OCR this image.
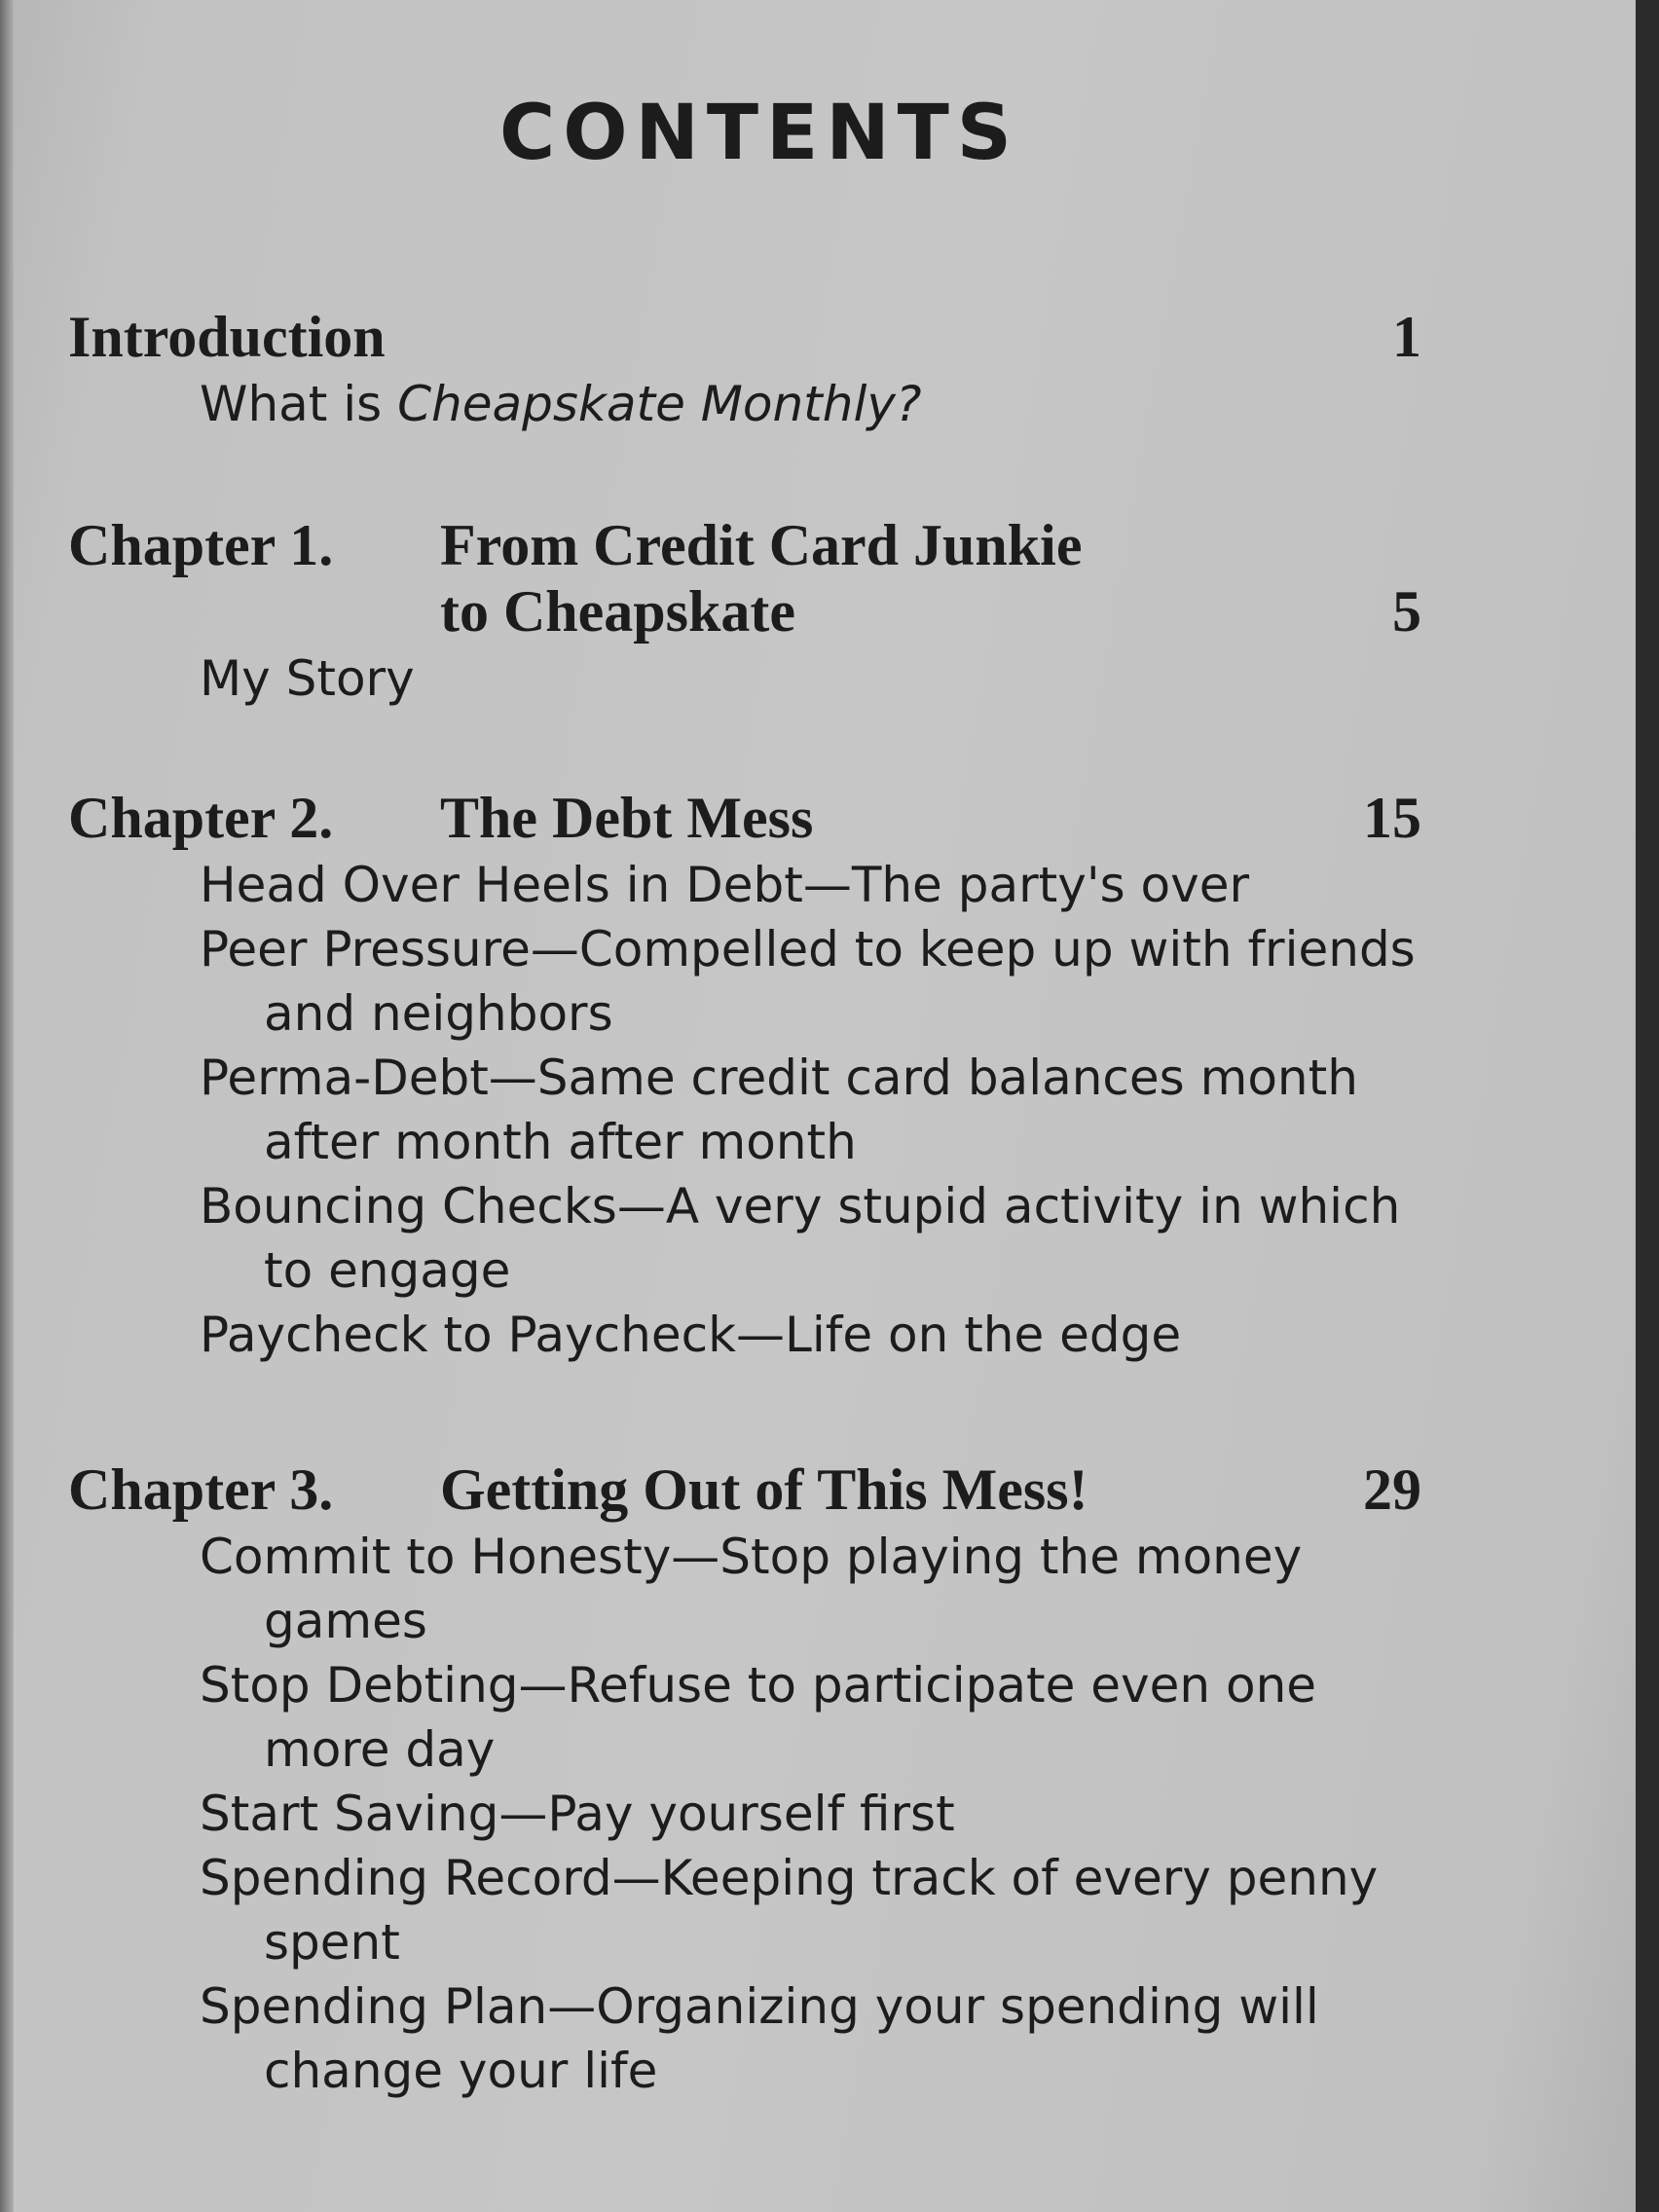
CONTENTS
Introduction	1
What is Cheapskate Monthly?
Chapter 1. From Credit Card Junkie
to Cheapskate	5
My Story
Chapter 2. The Debt Mess	15
Head Over Heels in Debt—The party's over
Peer Pressure—Compelled to keep up with friends and neighbors
Perma-Debt—Same credit card balances month after month after month
Bouncing Checks—A very stupid activity in which to engage
Paycheck to Paycheck—Life on the edge
Chapter 3. Getting Out of This Mess!	29
Commit to Honesty—Stop playing the money games
Stop Debting—Refuse to participate even one more day
Start Saving—Pay yourself first
Spending Record—Keeping track of every penny spent
Spending Plan—Organizing your spending will change your life
